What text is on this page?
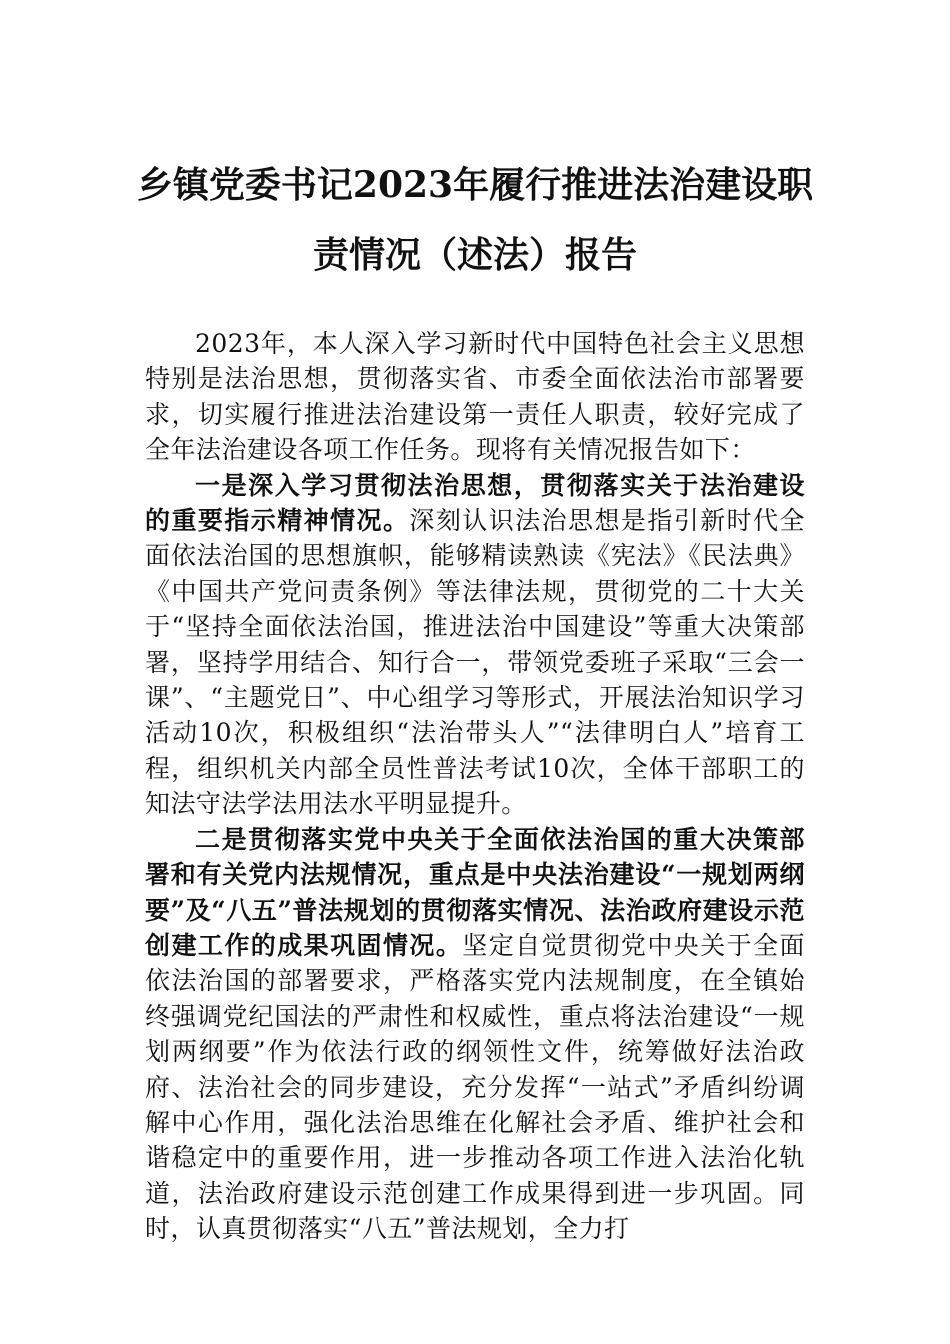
乡镇党委书记2023年履行推进法治建设职
责情况（述法）报告

2023年，本人深入学习新时代中国特色社会主义思想特别是法治思想，贯彻落实省、市委全面依法治市部署要求，切实履行推进法治建设第一责任人职责，较好完成了全年法治建设各项工作任务。现将有关情况报告如下：

一是深入学习贯彻法治思想，贯彻落实关于法治建设的重要指示精神情况。深刻认识法治思想是指引新时代全面依法治国的思想旗帜，能够精读熟读《宪法》《民法典》《中国共产党问责条例》等法律法规，贯彻党的二十大关于“坚持全面依法治国，推进法治中国建设”等重大决策部署，坚持学用结合、知行合一，带领党委班子采取“三会一课”、“主题党日”、中心组学习等形式，开展法治知识学习活动10次，积极组织“法治带头人”“法律明白人”培育工程，组织机关内部全员性普法考试10次，全体干部职工的知法守法学法用法水平明显提升。

二是贯彻落实党中央关于全面依法治国的重大决策部署和有关党内法规情况，重点是中央法治建设“一规划两纲要”及“八五”普法规划的贯彻落实情况、法治政府建设示范创建工作的成果巩固情况。坚定自觉贯彻党中央关于全面依法治国的部署要求，严格落实党内法规制度，在全镇始终强调党纪国法的严肃性和权威性，重点将法治建设“一规划两纲要”作为依法行政的纲领性文件，统筹做好法治政府、法治社会的同步建设，充分发挥“一站式”矛盾纠纷调解中心作用，强化法治思维在化解社会矛盾、维护社会和谐稳定中的重要作用，进一步推动各项工作进入法治化轨道，法治政府建设示范创建工作成果得到进一步巩固。同时，认真贯彻落实“八五”普法规划，全力打
